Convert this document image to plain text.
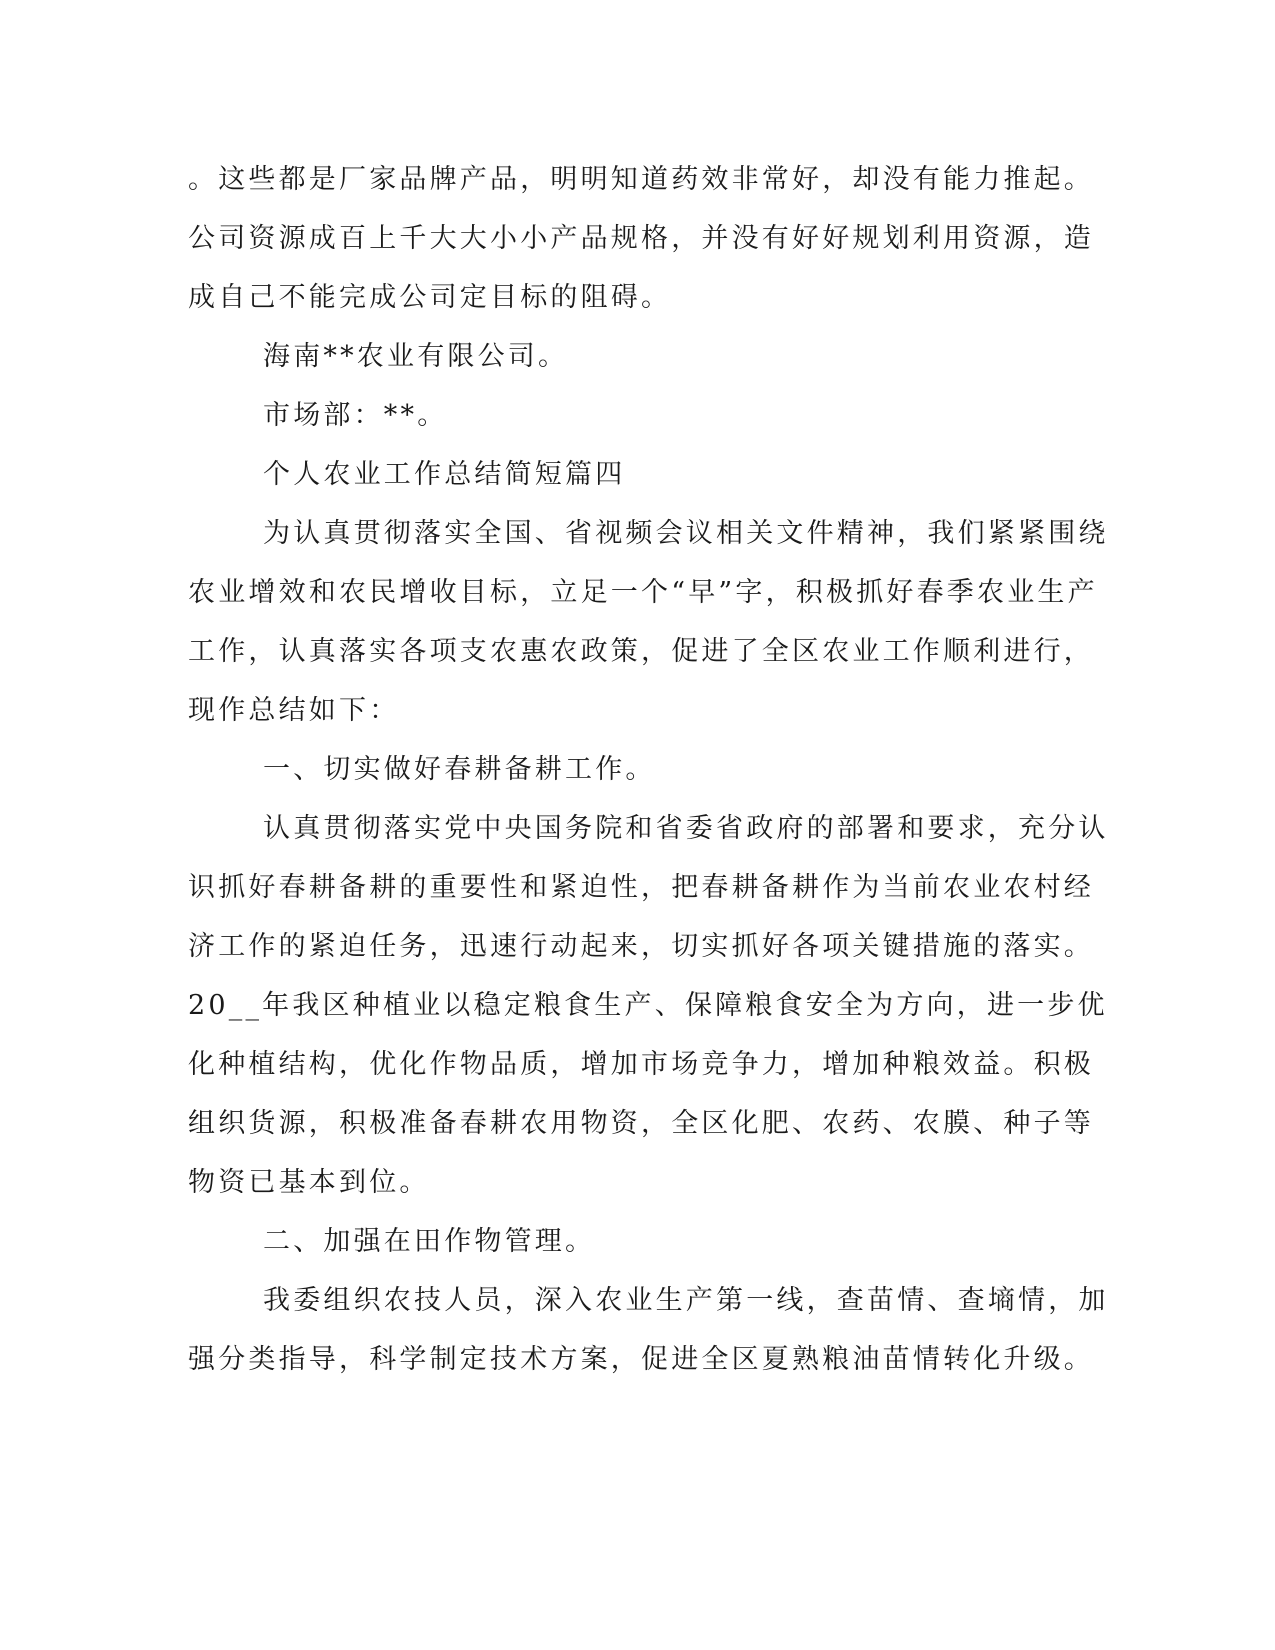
。这些都是厂家品牌产品，明明知道药效非常好，却没有能力推起。
公司资源成百上千大大小小产品规格，并没有好好规划利用资源，造
成自己不能完成公司定目标的阻碍。
海南**农业有限公司。
市场部：**。
个人农业工作总结简短篇四
为认真贯彻落实全国、省视频会议相关文件精神，我们紧紧围绕
农业增效和农民增收目标，立足一个“早”字，积极抓好春季农业生产
工作，认真落实各项支农惠农政策，促进了全区农业工作顺利进行，
现作总结如下：
一、切实做好春耕备耕工作。
认真贯彻落实党中央国务院和省委省政府的部署和要求，充分认
识抓好春耕备耕的重要性和紧迫性，把春耕备耕作为当前农业农村经
济工作的紧迫任务，迅速行动起来，切实抓好各项关键措施的落实。
20__年我区种植业以稳定粮食生产、保障粮食安全为方向，进一步优
化种植结构，优化作物品质，增加市场竞争力，增加种粮效益。积极
组织货源，积极准备春耕农用物资，全区化肥、农药、农膜、种子等
物资已基本到位。
二、加强在田作物管理。
我委组织农技人员，深入农业生产第一线，查苗情、查墒情，加
强分类指导，科学制定技术方案，促进全区夏熟粮油苗情转化升级。
